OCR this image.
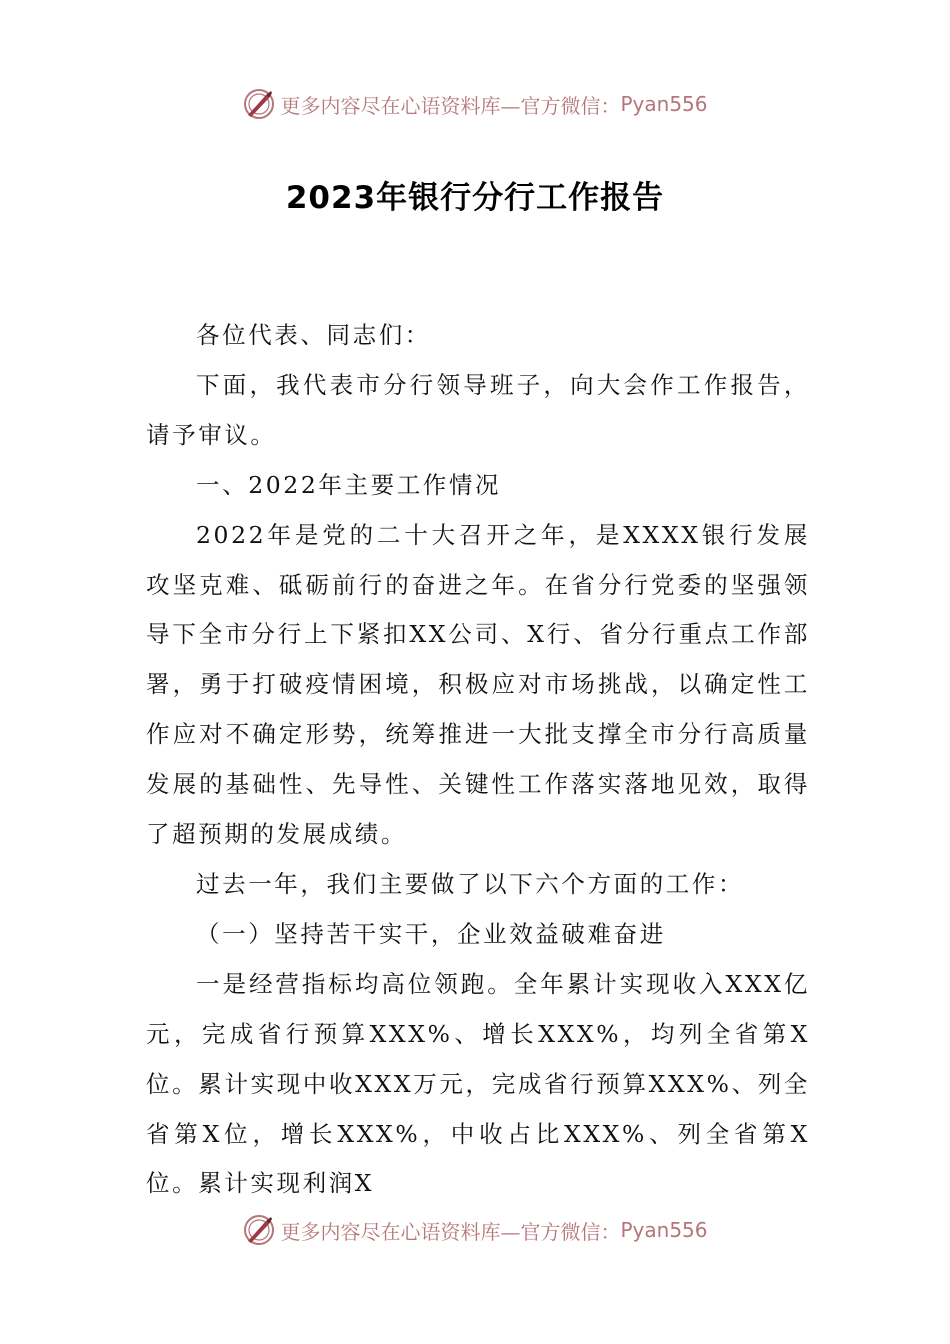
更多内容尽在心语资料库—官方微信： Pyan556
2023年银行分行工作报告

各位代表、同志们：

下面，我代表市分行领导班子，向大会作工作报告，请予审议。

一、2022年主要工作情况

2022年是党的二十大召开之年，是XXXX银行发展攻坚克难、砥砺前行的奋进之年。在省分行党委的坚强领导下全市分行上下紧扣XX公司、X行、省分行重点工作部署，勇于打破疫情困境，积极应对市场挑战，以确定性工作应对不确定形势，统筹推进一大批支撑全市分行高质量发展的基础性、先导性、关键性工作落实落地见效，取得了超预期的发展成绩。

过去一年，我们主要做了以下六个方面的工作：

（一）坚持苦干实干，企业效益破难奋进

一是经营指标均高位领跑。全年累计实现收入XXX亿元，完成省行预算XXX%、增长XXX%，均列全省第X位。累计实现中收XXX万元，完成省行预算XXX%、列全省第X位，增长XXX%，中收占比XXX%、列全省第X位。累计实现利润X

更多内容尽在心语资料库—官方微信： Pyan556
